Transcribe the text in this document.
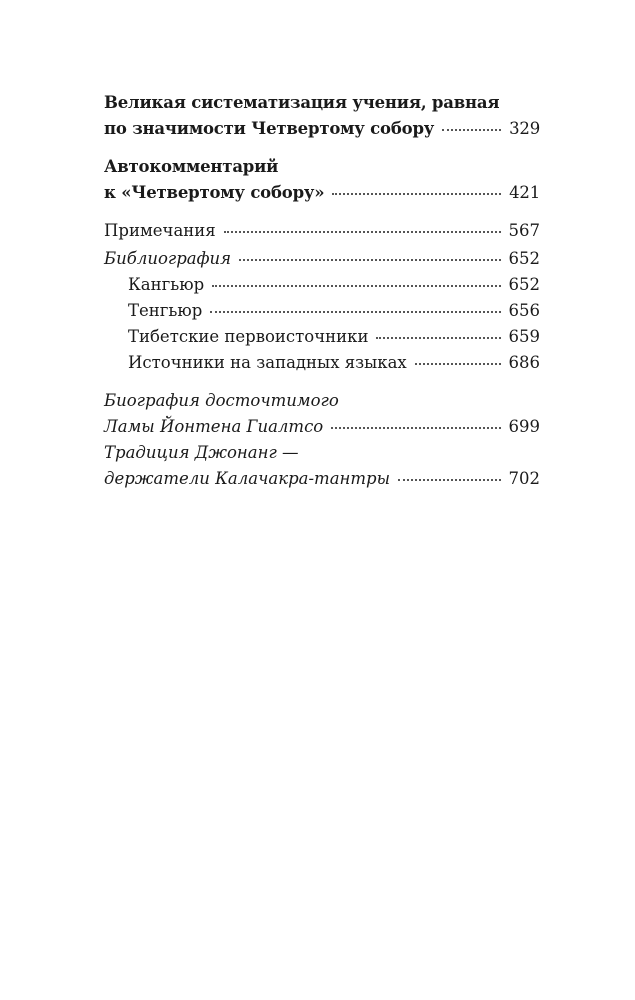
Великая систематизация учения, равная
по значимости Четвертому собору	329
Автокомментарий
к «Четвертому собору»	421
Примечания	567
Библиография	652
Кангьюр	652
Тенгьюр	656
Тибетские первоисточники	659
Источники на западных языках	686
Биография досточтимого
Ламы Йонтена Гиалтсо	699
Традиция Джонанг —
держатели Калачакра-тантры	702
